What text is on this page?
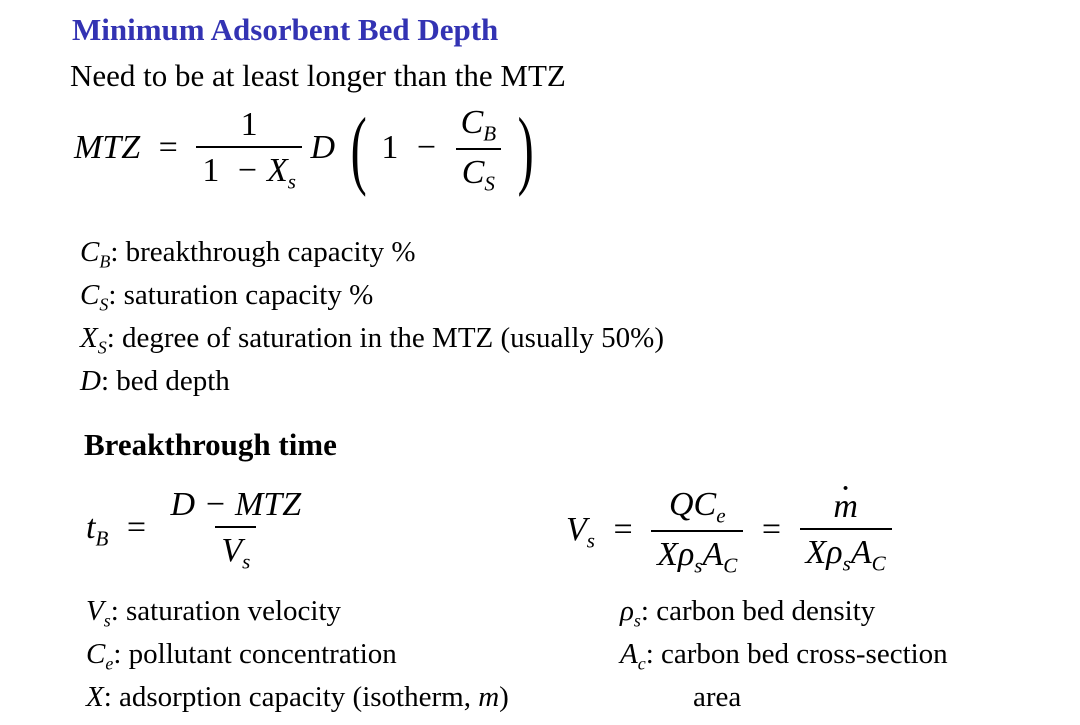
Minimum Adsorbent Bed Depth
Need to be at least longer than the MTZ
MTZ = $\frac{1}{1 - X_s}$ D ( $1 - \frac{C_B}{C_S}$ )
$C_B$: breakthrough capacity %
$C_S$: saturation capacity %
$X_S$: degree of saturation in the MTZ (usually 50%)
D: bed depth
Breakthrough time
$t_B = \frac{\text{D − MTZ}}{V_s}$	$V_s = \frac{QC_e}{X\rho_sA_C}$ =
· $\frac{m}{X\rho_sA_C}$
$V_s$: saturation velocity
$C_e$: pollutant concentration
X: adsorption capacity (isotherm, m)
$\rho_s$: carbon bed density
$A_c$: carbon bed cross-section
area
